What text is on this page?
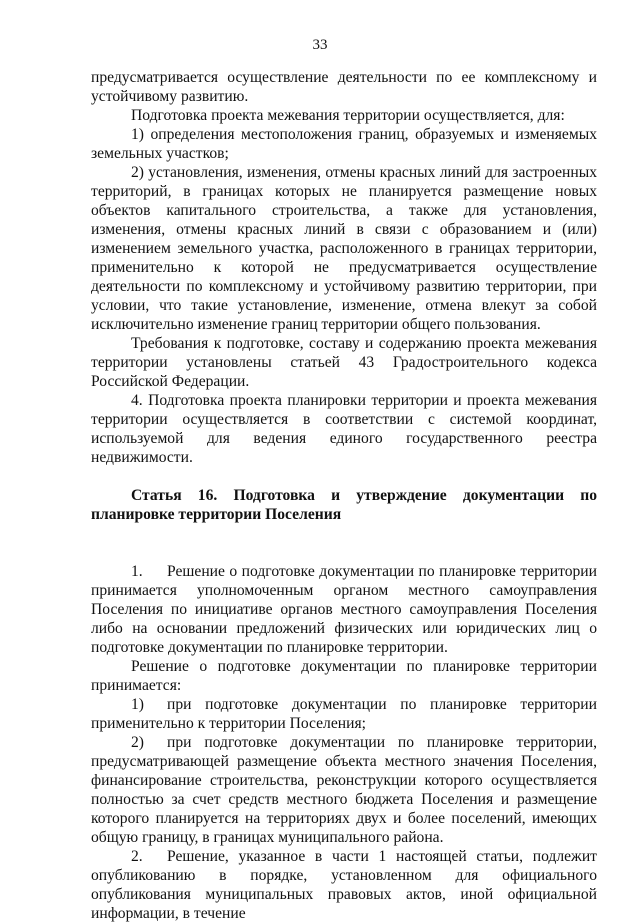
33

предусматривается осуществление деятельности по ее комплексному и устойчивому развитию.

Подготовка проекта межевания территории осуществляется, для:

1) определения местоположения границ, образуемых и изменяемых земельных участков;

2) установления, изменения, отмены красных линий для застроенных территорий, в границах которых не планируется размещение новых объектов капитального строительства, а также для установления, изменения, отмены красных линий в связи с образованием и (или) изменением земельного участка, расположенного в границах территории, применительно к которой не предусматривается осуществление деятельности по комплексному и устойчивому развитию территории, при условии, что такие установление, изменение, отмена влекут за собой исключительно изменение границ территории общего пользования.

Требования к подготовке, составу и содержанию проекта межевания территории установлены статьей 43 Градостроительного кодекса Российской Федерации.

4. Подготовка проекта планировки территории и проекта межевания территории осуществляется в соответствии с системой координат, используемой для ведения единого государственного реестра недвижимости.

Статья 16. Подготовка и утверждение документации по планировке территории Поселения

1. Решение о подготовке документации по планировке территории принимается уполномоченным органом местного самоуправления Поселения по инициативе органов местного самоуправления Поселения либо на основании предложений физических или юридических лиц о подготовке документации по планировке территории.

Решение о подготовке документации по планировке территории принимается:

1) при подготовке документации по планировке территории применительно к территории Поселения;

2) при подготовке документации по планировке территории, предусматривающей размещение объекта местного значения Поселения, финансирование строительства, реконструкции которого осуществляется полностью за счет средств местного бюджета Поселения и размещение которого планируется на территориях двух и более поселений, имеющих общую границу, в границах муниципального района.

2. Решение, указанное в части 1 настоящей статьи, подлежит опубликованию в порядке, установленном для официального опубликования муниципальных правовых актов, иной официальной информации, в течение
